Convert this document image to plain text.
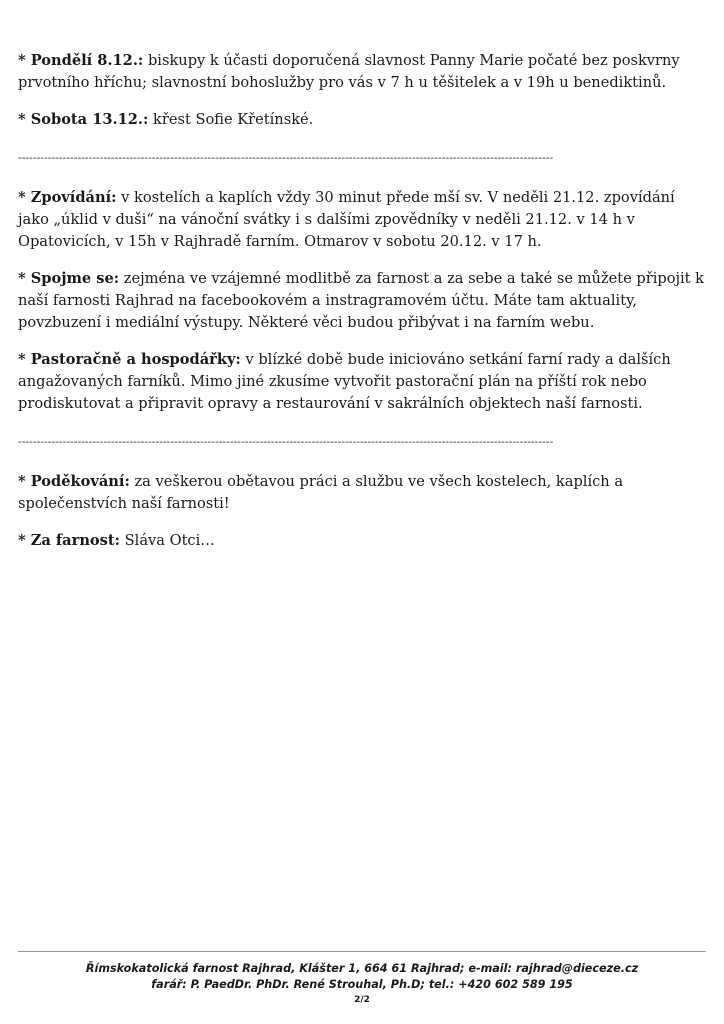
* Pondělí 8.12.: biskupy k účasti doporučená slavnost Panny Marie počaté bez poskvrny prvotního hříchu; slavnostní bohoslužby pro vás v 7 h u těšitelek a v 19h u benediktinů.

* Sobota 13.12.: křest Sofie Křetínské.

------------------------------------------------------------------------------------------------------------------------------------------------

* Zpovídání: v kostelích a kaplích vždy 30 minut přede mší sv. V neděli 21.12. zpovídání jako „úklid v duši“ na vánoční svátky i s dalšími zpovědníky v neděli 21.12. v 14 h v Opatovicích, v 15h v Rajhradě farním. Otmarov v sobotu 20.12. v 17 h.

* Spojme se: zejména ve vzájemné modlitbě za farnost a za sebe a také se můžete připojit k naší farnosti Rajhrad na facebookovém a instragramovém účtu. Máte tam aktuality, povzbuzení i mediální výstupy. Některé věci budou přibývat i na farním webu.

* Pastoračně a hospodářky: v blízké době bude iniciováno setkání farní rady a dalších angažovaných farníků. Mimo jiné zkusíme vytvořit pastorační plán na příští rok nebo prodiskutovat a připravit opravy a restaurování v sakrálních objektech naší farnosti.

------------------------------------------------------------------------------------------------------------------------------------------------

* Poděkování: za veškerou obětavou práci a službu ve všech kostelech, kaplích a společenstvích naší farnosti!

* Za farnost: Sláva Otci…

Římskokatolická farnost Rajhrad, Klášter 1, 664 61 Rajhrad; e-mail: rajhrad@dieceze.cz
farář: P. PaedDr. PhDr. René Strouhal, Ph.D; tel.: +420 602 589 195
2/2
